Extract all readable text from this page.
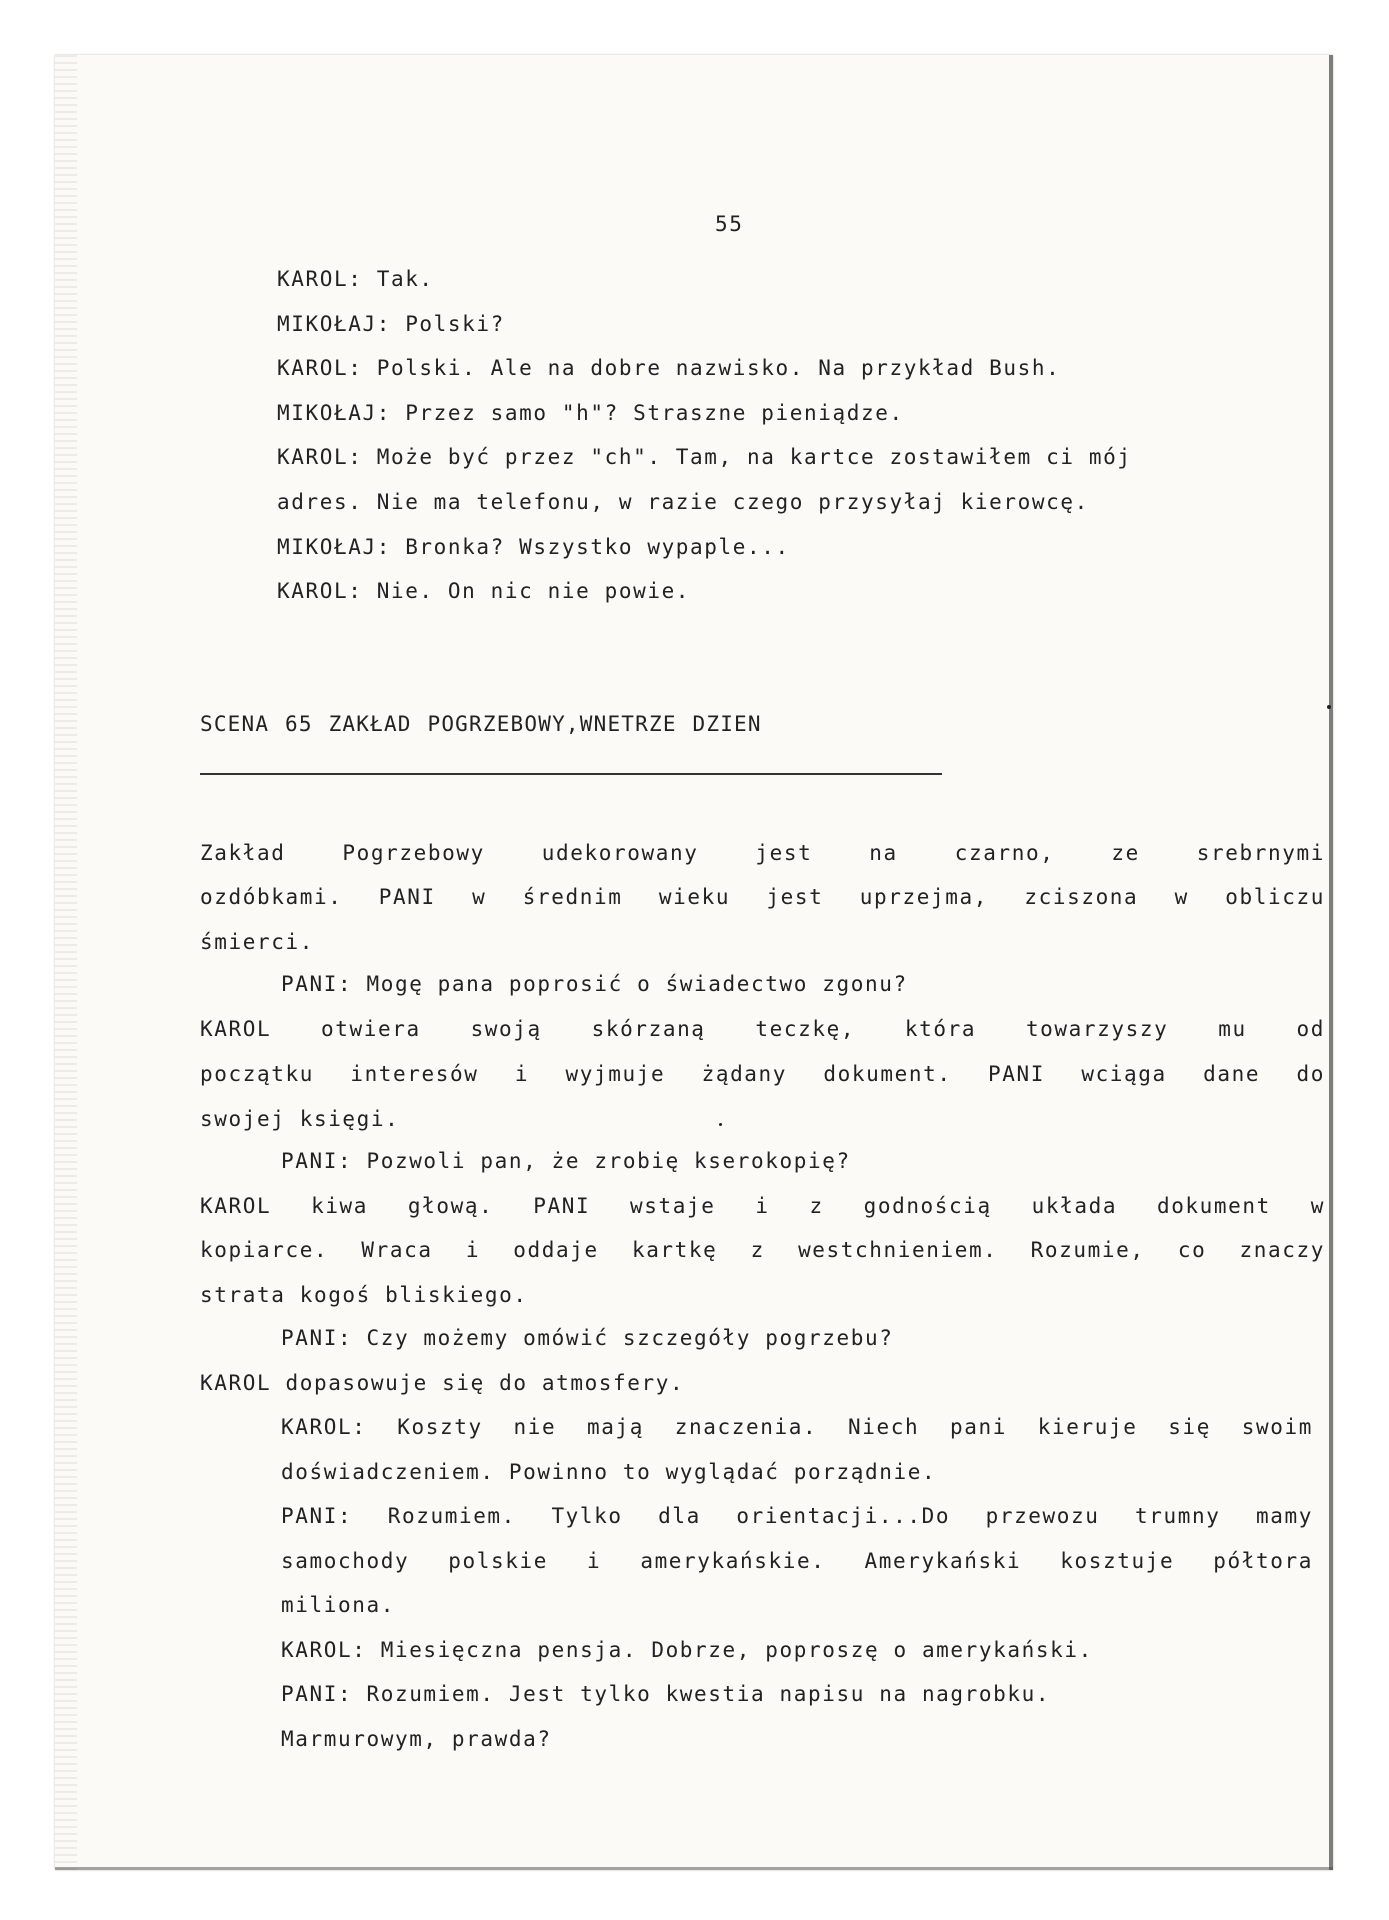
55
KAROL: Tak.
MIKOŁAJ: Polski?
KAROL: Polski. Ale na dobre nazwisko. Na przykład Bush.
MIKOŁAJ: Przez samo "h"? Straszne pieniądze.
KAROL: Może być przez "ch". Tam, na kartce zostawiłem ci mój
adres. Nie ma telefonu, w razie czego przysyłaj kierowcę.
MIKOŁAJ: Bronka? Wszystko wypaple...
KAROL: Nie. On nic nie powie.
SCENA 65 ZAKŁAD POGRZEBOWY,WNETRZE DZIEN
Zakład Pogrzebowy udekorowany jest na czarno, ze srebrnymi
ozdóbkami. PANI w średnim wieku jest uprzejma, zciszona w obliczu
śmierci.
PANI: Mogę pana poprosić o świadectwo zgonu?
KAROL otwiera swoją skórzaną teczkę, która towarzyszy mu od
początku interesów i wyjmuje żądany dokument. PANI wciąga dane do
swojej księgi.
PANI: Pozwoli pan, że zrobię kserokopię?
KAROL kiwa głową. PANI wstaje i z godnością układa dokument w
kopiarce. Wraca i oddaje kartkę z westchnieniem. Rozumie, co znaczy
strata kogoś bliskiego.
PANI: Czy możemy omówić szczegóły pogrzebu?
KAROL dopasowuje się do atmosfery.
KAROL: Koszty nie mają znaczenia. Niech pani kieruje się swoim
doświadczeniem. Powinno to wyglądać porządnie.
PANI: Rozumiem. Tylko dla orientacji...Do przewozu trumny mamy
samochody polskie i amerykańskie. Amerykański kosztuje półtora
miliona.
KAROL: Miesięczna pensja. Dobrze, poproszę o amerykański.
PANI: Rozumiem. Jest tylko kwestia napisu na nagrobku.
Marmurowym, prawda?
